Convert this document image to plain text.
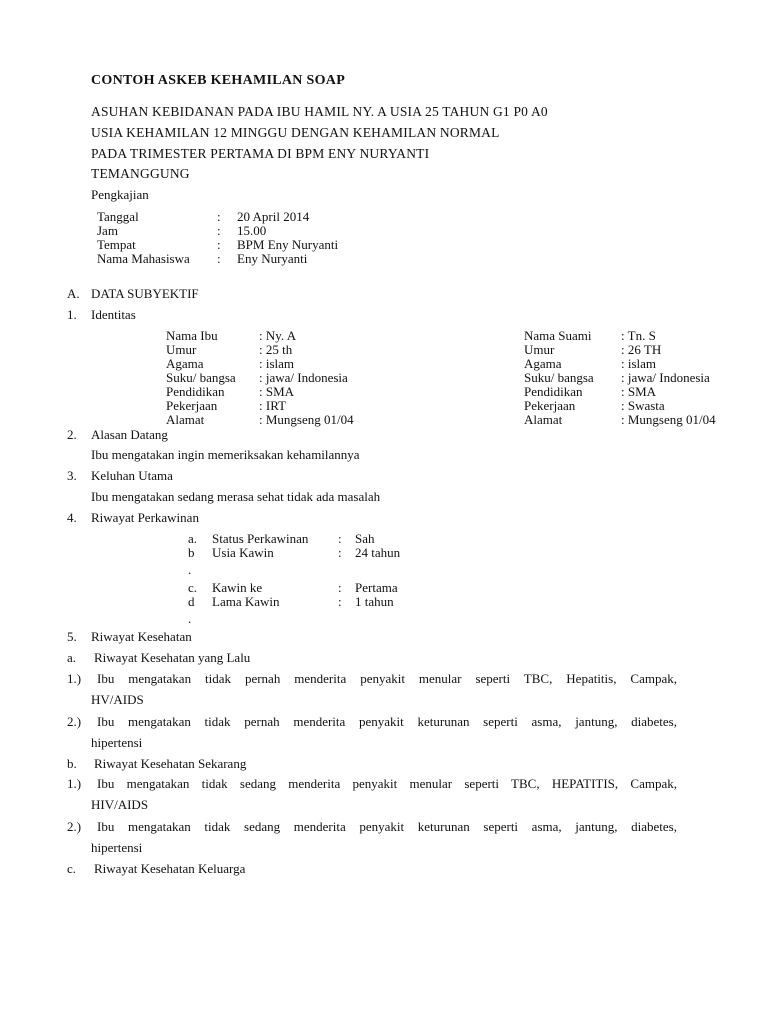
CONTOH ASKEB KEHAMILAN SOAP
ASUHAN KEBIDANAN PADA IBU HAMIL NY. A USIA 25 TAHUN G1 P0 A0
USIA KEHAMILAN 12 MINGGU DENGAN KEHAMILAN NORMAL
PADA TRIMESTER PERTAMA DI BPM ENY NURYANTI
TEMANGGUNG
Pengkajian
Tanggal	: 20 April 2014
Jam	: 15.00
Tempat	: BPM Eny Nuryanti
Nama Mahasiswa : Eny Nuryanti
A. DATA SUBYEKTIF
1. Identitas
Nama Ibu	: Ny. A
Umur	: 25 th
Agama	: islam
Suku/ bangsa : jawa/ Indonesia
Pendidikan	: SMA
Pekerjaan	: IRT
Alamat	: Mungseng 01/04
Nama Suami : Tn. S
Umur	: 26 TH
Agama	: islam
Suku/ bangsa : jawa/ Indonesia
Pendidikan	: SMA
Pekerjaan	: Swasta
Alamat	: Mungseng 01/04
2. Alasan Datang
Ibu mengatakan ingin memeriksakan kehamilannya
3. Keluhan Utama
Ibu mengatakan sedang merasa sehat tidak ada masalah
4. Riwayat Perkawinan
a. Status Perkawinan : Sah
b Usia Kawin	: 24 tahun
.
c. Kawin ke	: Pertama
d Lama Kawin	: 1 tahun
.
5. Riwayat Kesehatan
a. Riwayat Kesehatan yang Lalu
1.) Ibu mengatakan tidak pernah menderita penyakit menular seperti TBC, Hepatitis, Campak,
HV/AIDS
2.) Ibu mengatakan tidak pernah menderita penyakit keturunan seperti asma, jantung, diabetes,
hipertensi
b. Riwayat Kesehatan Sekarang
1.) Ibu mengatakan tidak sedang menderita penyakit menular seperti TBC, HEPATITIS, Campak,
HIV/AIDS
2.) Ibu mengatakan tidak sedang menderita penyakit keturunan seperti asma, jantung, diabetes,
hipertensi
c. Riwayat Kesehatan Keluarga
